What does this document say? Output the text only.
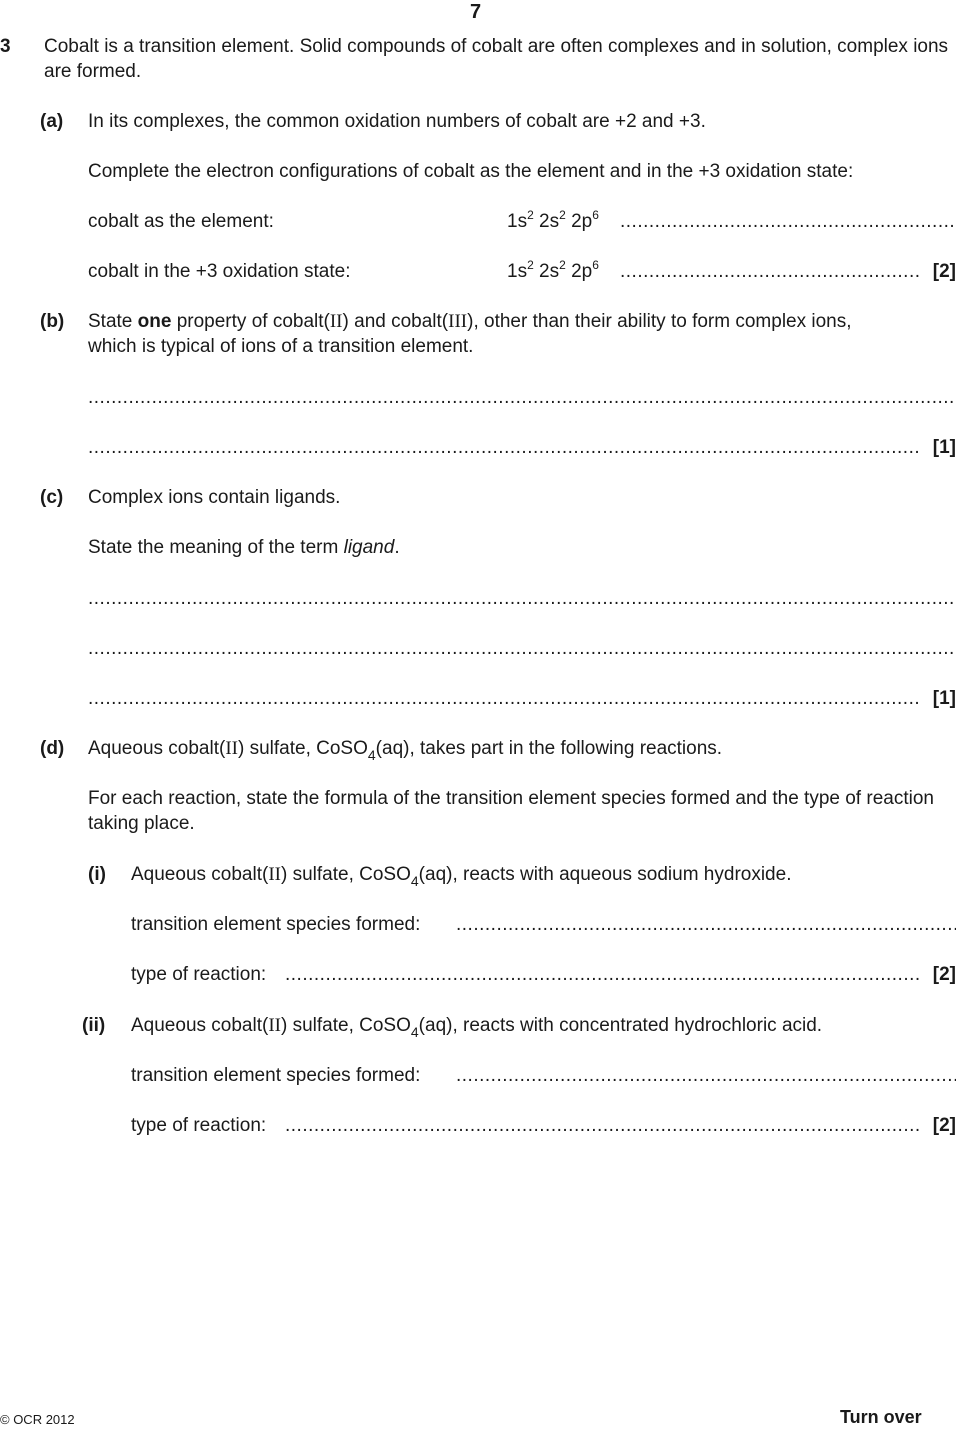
7
3 Cobalt is a transition element. Solid compounds of cobalt are often complexes and in solution, complex ions are formed.
(a) In its complexes, the common oxidation numbers of cobalt are +2 and +3.
Complete the electron configurations of cobalt as the element and in the +3 oxidation state:
cobalt as the element:	$1s^2$ $2s^2$ $2p^6$
.....
cobalt in the +3 oxidation state:	$1s^2$ $2s^2$ $2p^6$ .....	[2]
(b) State one property of cobalt(II) and cobalt(III), other than their ability to form complex ions,
which is typical of ions of a transition element.
.....
.....
[1]
(c) Complex ions contain ligands.
State the meaning of the term ligand.
.....
.....
.....
[1]
(d) Aqueous cobalt(II) sulfate, CoSO$_4$(aq), takes part in the following reactions.
For each reaction, state the formula of the transition element species formed and the type of reaction taking place.
(i) Aqueous cobalt(II) sulfate, CoSO$_4$(aq), reacts with aqueous sodium hydroxide.
transition element species formed:
.....
type of reaction: .....	[2]
(ii) Aqueous cobalt(II) sulfate, CoSO$_4$(aq), reacts with concentrated hydrochloric acid.
transition element species formed:
.....
type of reaction: .....	[2]
© OCR 2012	Turn over
